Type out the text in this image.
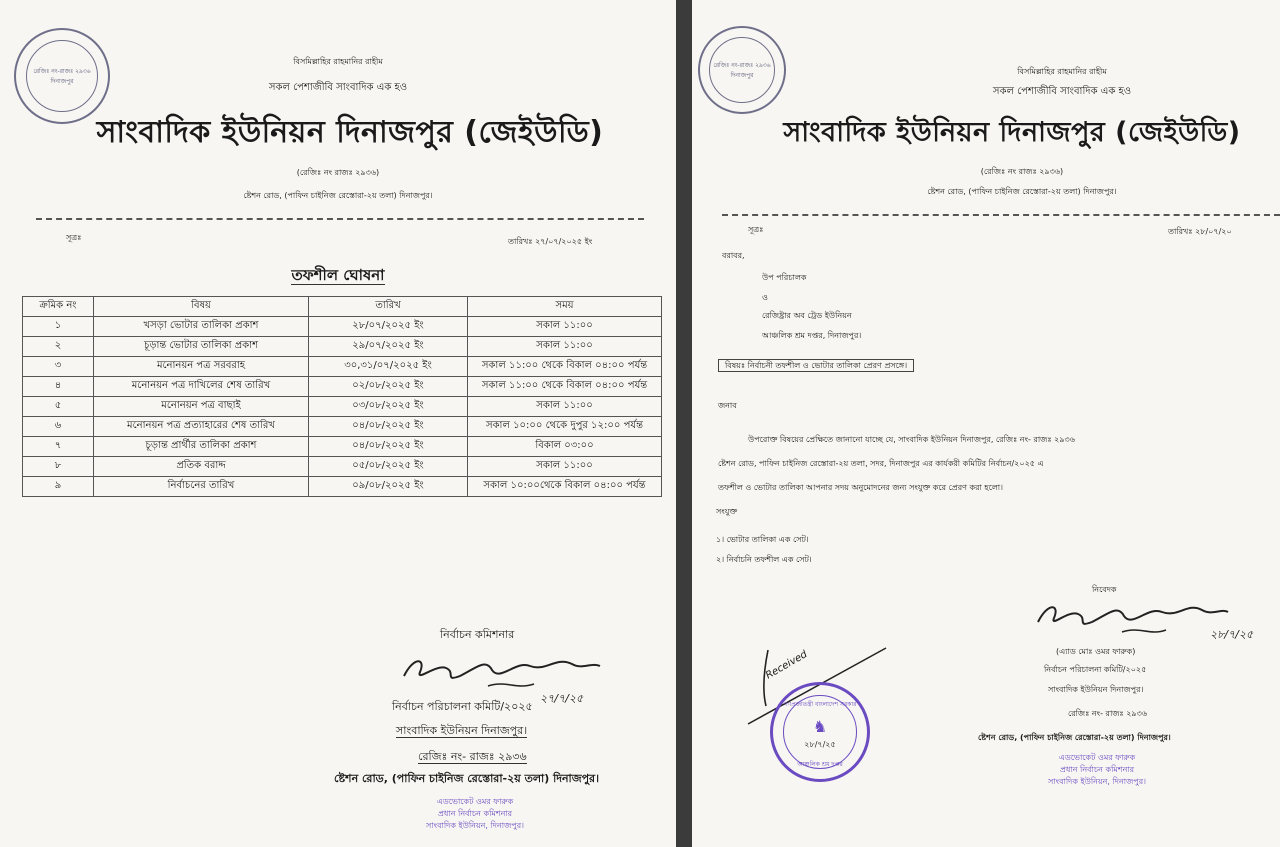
রেজিঃ নং-রাজঃ ২৯৩৬
দিনাজপুর
বিসমিল্লাহির রাহমানির রাহীম
সকল পেশাজীবি সাংবাদিক এক হও
সাংবাদিক ইউনিয়ন দিনাজপুর (জেইউডি)
(রেজিঃ নং রাজঃ ২৯৩৬)
ষ্টেশন রোড, (পাফিন চাইনিজ রেস্তোরা-২য় তলা) দিনাজপুর।
সূত্রঃ	তারিখঃ ২৭/০৭/২০২৫ ইং
তফশীল ঘোষনা
ক্রমিক নং	বিষয়	তারিখ	সময়
১	খসড়া ভোটার তালিকা প্রকাশ	২৮/০৭/২০২৫ ইং	সকাল ১১:০০
২	চূড়ান্ত ভোটার তালিকা প্রকাশ	২৯/০৭/২০২৫ ইং	সকাল ১১:০০
৩	মনোনয়ন পত্র সরবরাহ	৩০,৩১/০৭/২০২৫ ইং	সকাল ১১:০০ থেকে বিকাল ০৪:০০ পর্যন্ত
৪	মনোনয়ন পত্র দাখিলের শেষ তারিখ	০২/০৮/২০২৫ ইং	সকাল ১১:০০ থেকে বিকাল ০৪:০০ পর্যন্ত
৫	মনোনয়ন পত্র বাছাই	০৩/০৮/২০২৫ ইং	সকাল ১১:০০
৬	মনোনয়ন পত্র প্রত্যাহারের শেষ তারিখ	০৪/০৮/২০২৫ ইং	সকাল ১০:০০ থেকে দুপুর ১২:০০ পর্যন্ত
৭	চূড়ান্ত প্রার্থীর তালিকা প্রকাশ	০৪/০৮/২০২৫ ইং	বিকাল ০৩:০০
৮	প্রতিক বরাদ্দ	০৫/০৮/২০২৫ ইং	সকাল ১১:০০
৯	নির্বাচনের তারিখ	০৯/০৮/২০২৫ ইং	সকাল ১০:০০থেকে বিকাল ০৪:০০ পর্যন্ত
নির্বাচন কমিশনার
২৭/৭/২৫
নির্বাচন পরিচালনা কমিটি/২০২৫
সাংবাদিক ইউনিয়ন দিনাজপুর।
রেজিঃ নং- রাজঃ ২৯৩৬
ষ্টেশন রোড, (পাফিন চাইনিজ রেস্তোরা-২য় তলা) দিনাজপুর।
এডভোকেট ওমর ফারুক
প্রধান নির্বাচন কমিশনার
সাংবাদিক ইউনিয়ন, দিনাজপুর।
রেজিঃ নং-রাজঃ ২৯৩৬
দিনাজপুর	বিসমিল্লাহির রাহমানির রাহীম
সকল পেশাজীবি সাংবাদিক এক হও
সাংবাদিক ইউনিয়ন দিনাজপুর (জেইউডি)
(রেজিঃ নং রাজঃ ২৯৩৬)
ষ্টেশন রোড, (পাফিন চাইনিজ রেস্তোরা-২য় তলা) দিনাজপুর।
সূত্রঃ	তারিখঃ ২৮/০৭/২০
বরাবর,
উপ পরিচালক
ও
রেজিষ্ট্রার অব ট্রেড ইউনিয়ন
আঞ্চলিক শ্রম দপ্তর, দিনাজপুর।
বিষয়ঃ নির্বাচনী তফশীল ও ভোটার তালিকা প্রেরণ প্রসঙ্গে।
জনাব
উপরোক্ত বিষয়ের প্রেক্ষিতে জানানো যাচ্ছে যে, সাংবাদিক ইউনিয়ন দিনাজপুর, রেজিঃ নং- রাজঃ ২৯৩৬
ষ্টেশন রোড, পাফিন চাইনিজ রেস্তোরা-২য় তলা, সদর, দিনাজপুর এর কার্যকরী কমিটির নির্বাচন/২০২৫ এ
তফশীল ও ভোটার তালিকা আপনার সদয় অনুমোদনের জন্য সংযুক্ত করে প্রেরণ করা হলো।
সংযুক্ত
১। ভোটার তালিকা এক সেট।
২। নির্বাচনি তফশীল এক সেট।
নিবেদক
২৮/৭/২৫
(এ্যাড মোঃ ওমর ফারুক)
নির্বাচন পরিচালনা কমিটি/২০২৫
সাংবাদিক ইউনিয়ন দিনাজপুর।
রেজিঃ নং- রাজঃ ২৯৩৬
ষ্টেশন রোড, (পাফিন চাইনিজ রেস্তোরা-২য় তলা) দিনাজপুর।
এডভোকেট ওমর ফারুক
প্রধান নির্বাচন কমিশনার
সাংবাদিক ইউনিয়ন, দিনাজপুর।
Received
গণপ্রজাতন্ত্রী বাংলাদেশ সরকার
আঞ্চলিক শ্রম দপ্তর
♞
২৮/৭/২৫
